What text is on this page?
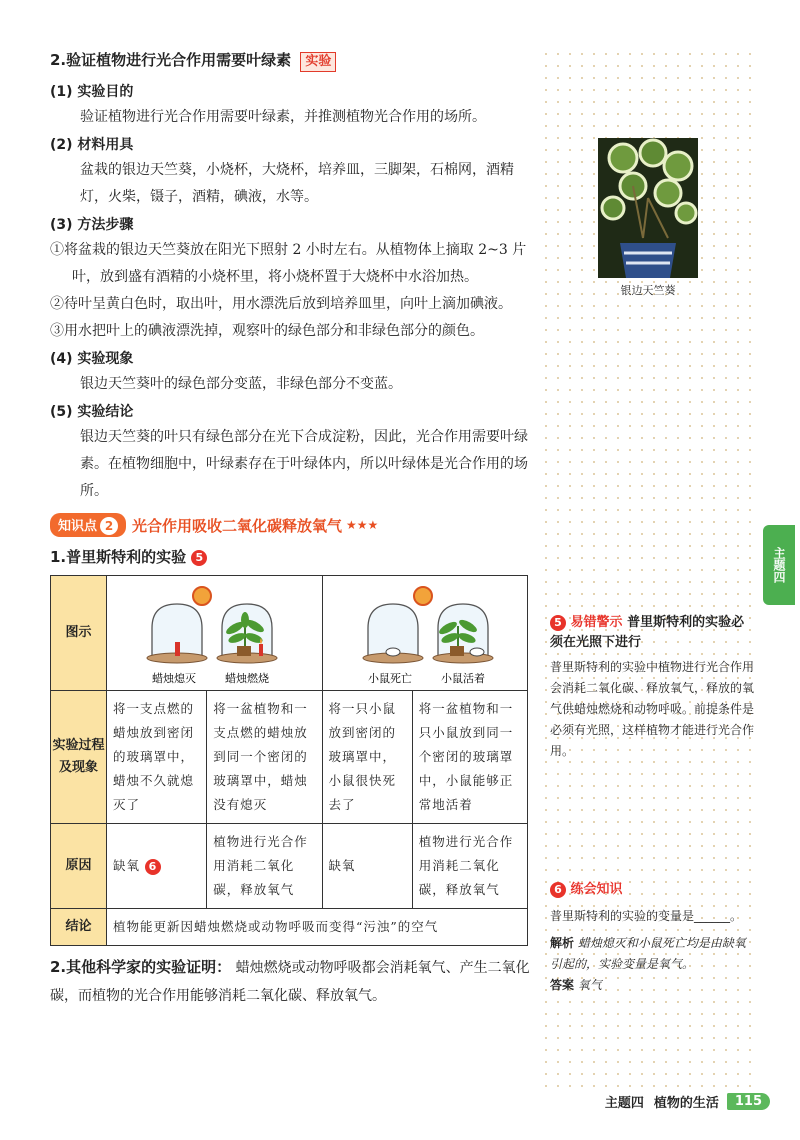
2.验证植物进行光合作用需要叶绿素 实验
(1) 实验目的
验证植物进行光合作用需要叶绿素，并推测植物光合作用的场所。
(2) 材料用具
盆栽的银边天竺葵，小烧杯，大烧杯，培养皿，三脚架，石棉网，酒精灯，火柴，镊子，酒精，碘液，水等。
(3) 方法步骤
①将盆栽的银边天竺葵放在阳光下照射 2 小时左右。从植物体上摘取 2~3 片叶，放到盛有酒精的小烧杯里，将小烧杯置于大烧杯中水浴加热。
②待叶呈黄白色时，取出叶，用水漂洗后放到培养皿里，向叶上滴加碘液。
③用水把叶上的碘液漂洗掉，观察叶的绿色部分和非绿色部分的颜色。
(4) 实验现象
银边天竺葵叶的绿色部分变蓝，非绿色部分不变蓝。
(5) 实验结论
银边天竺葵的叶只有绿色部分在光下合成淀粉，因此，光合作用需要叶绿素。在植物细胞中，叶绿素存在于叶绿体内，所以叶绿体是光合作用的场所。
知识点 2	光合作用吸收二氧化碳释放氧气 ★★★
1.普里斯特利的实验 5
图示	蜡烛熄灭 蜡烛燃烧		小鼠死亡 小鼠活着	

实验过程及现象	将一支点燃的蜡烛放到密闭的玻璃罩中，蜡烛不久就熄灭了	将一盆植物和一支点燃的蜡烛放到同一个密闭的玻璃罩中，蜡烛没有熄灭	将一只小鼠放到密闭的玻璃罩中，小鼠很快死去了	将一盆植物和一只小鼠放到同一个密闭的玻璃罩中，小鼠能够正常地活着
原因	缺氧 6	植物进行光合作用消耗二氧化碳，释放氧气	缺氧	植物进行光合作用消耗二氧化碳，释放氧气
结论	植物能更新因蜡烛燃烧或动物呼吸而变得“污浊”的空气			
2.其他科学家的实验证明： 蜡烛燃烧或动物呼吸都会消耗氧气、产生二氧化碳，而植物的光合作用能够消耗二氧化碳、释放氧气。
银边天竺葵
5 易错警示 普里斯特利的实验必须在光照下进行
普里斯特利的实验中植物进行光合作用会消耗二氧化碳、释放氧气，释放的氧气供蜡烛燃烧和动物呼吸。前提条件是必须有光照，这样植物才能进行光合作用。
6 练会知识
普里斯特利的实验的变量是______。
解析 蜡烛熄灭和小鼠死亡均是由缺氧引起的，实验变量是氧气。
答案 氧气
主题四
主题四 植物的生活	115
